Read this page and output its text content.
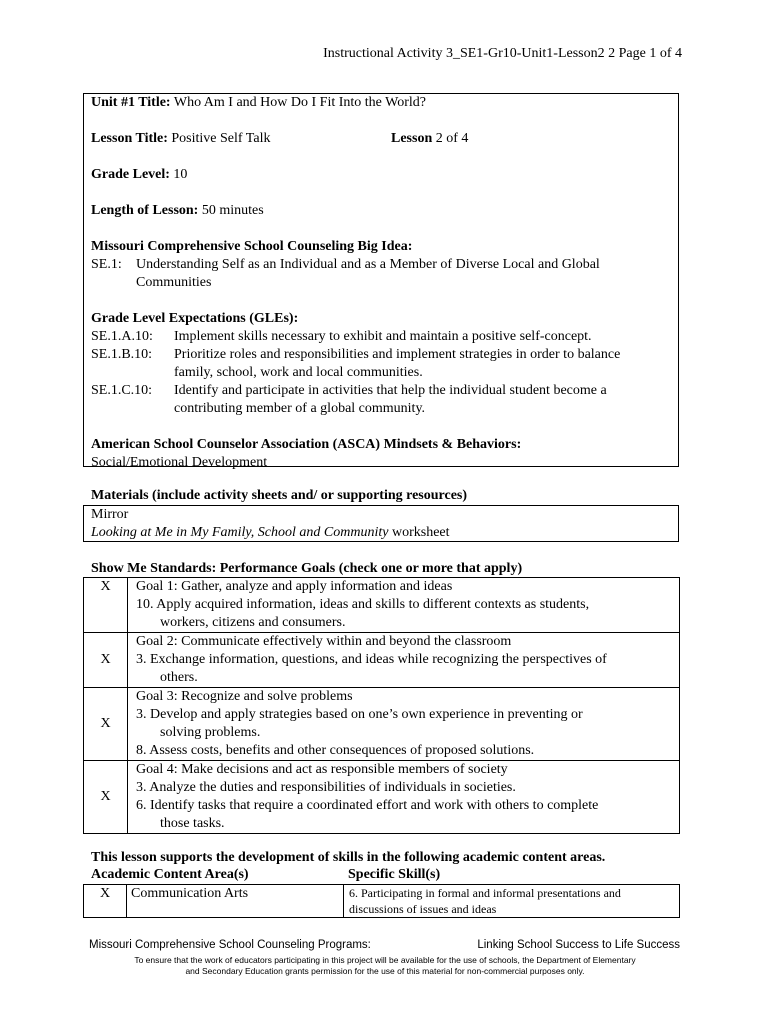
Instructional Activity 3_SE1-Gr10-Unit1-Lesson2 2 Page 1 of 4
Unit #1 Title: Who Am I and How Do I Fit Into the World?
Lesson Title: Positive Self Talk	Lesson 2 of 4
Grade Level: 10
Length of Lesson: 50 minutes
Missouri Comprehensive School Counseling Big Idea:
SE.1: Understanding Self as an Individual and as a Member of Diverse Local and Global
Communities
Grade Level Expectations (GLEs):
SE.1.A.10: Implement skills necessary to exhibit and maintain a positive self-concept.
SE.1.B.10: Prioritize roles and responsibilities and implement strategies in order to balance
family, school, work and local communities.
SE.1.C.10: Identify and participate in activities that help the individual student become a
contributing member of a global community.
American School Counselor Association (ASCA) Mindsets & Behaviors:
Social/Emotional Development
Materials (include activity sheets and/ or supporting resources)
Mirror
Looking at Me in My Family, School and Community worksheet
Show Me Standards: Performance Goals (check one or more that apply)
X	Goal 1: Gather, analyze and apply information and ideas
10. Apply acquired information, ideas and skills to different contexts as students,
workers, citizens and consumers.

X	Goal 2: Communicate effectively within and beyond the classroom
3. Exchange information, questions, and ideas while recognizing the perspectives of
others.

X	Goal 3: Recognize and solve problems
3. Develop and apply strategies based on one’s own experience in preventing or
solving problems.
8. Assess costs, benefits and other consequences of proposed solutions.

X	Goal 4: Make decisions and act as responsible members of society
3. Analyze the duties and responsibilities of individuals in societies.
6. Identify tasks that require a coordinated effort and work with others to complete
those tasks.
This lesson supports the development of skills in the following academic content areas.
Academic Content Area(s)	Specific Skill(s)
X	Communication Arts	6. Participating in formal and informal presentations and
discussions of issues and ideas
Missouri Comprehensive School Counseling Programs:	Linking School Success to Life Success
To ensure that the work of educators participating in this project will be available for the use of schools, the Department of Elementary
and Secondary Education grants permission for the use of this material for non-commercial purposes only.
